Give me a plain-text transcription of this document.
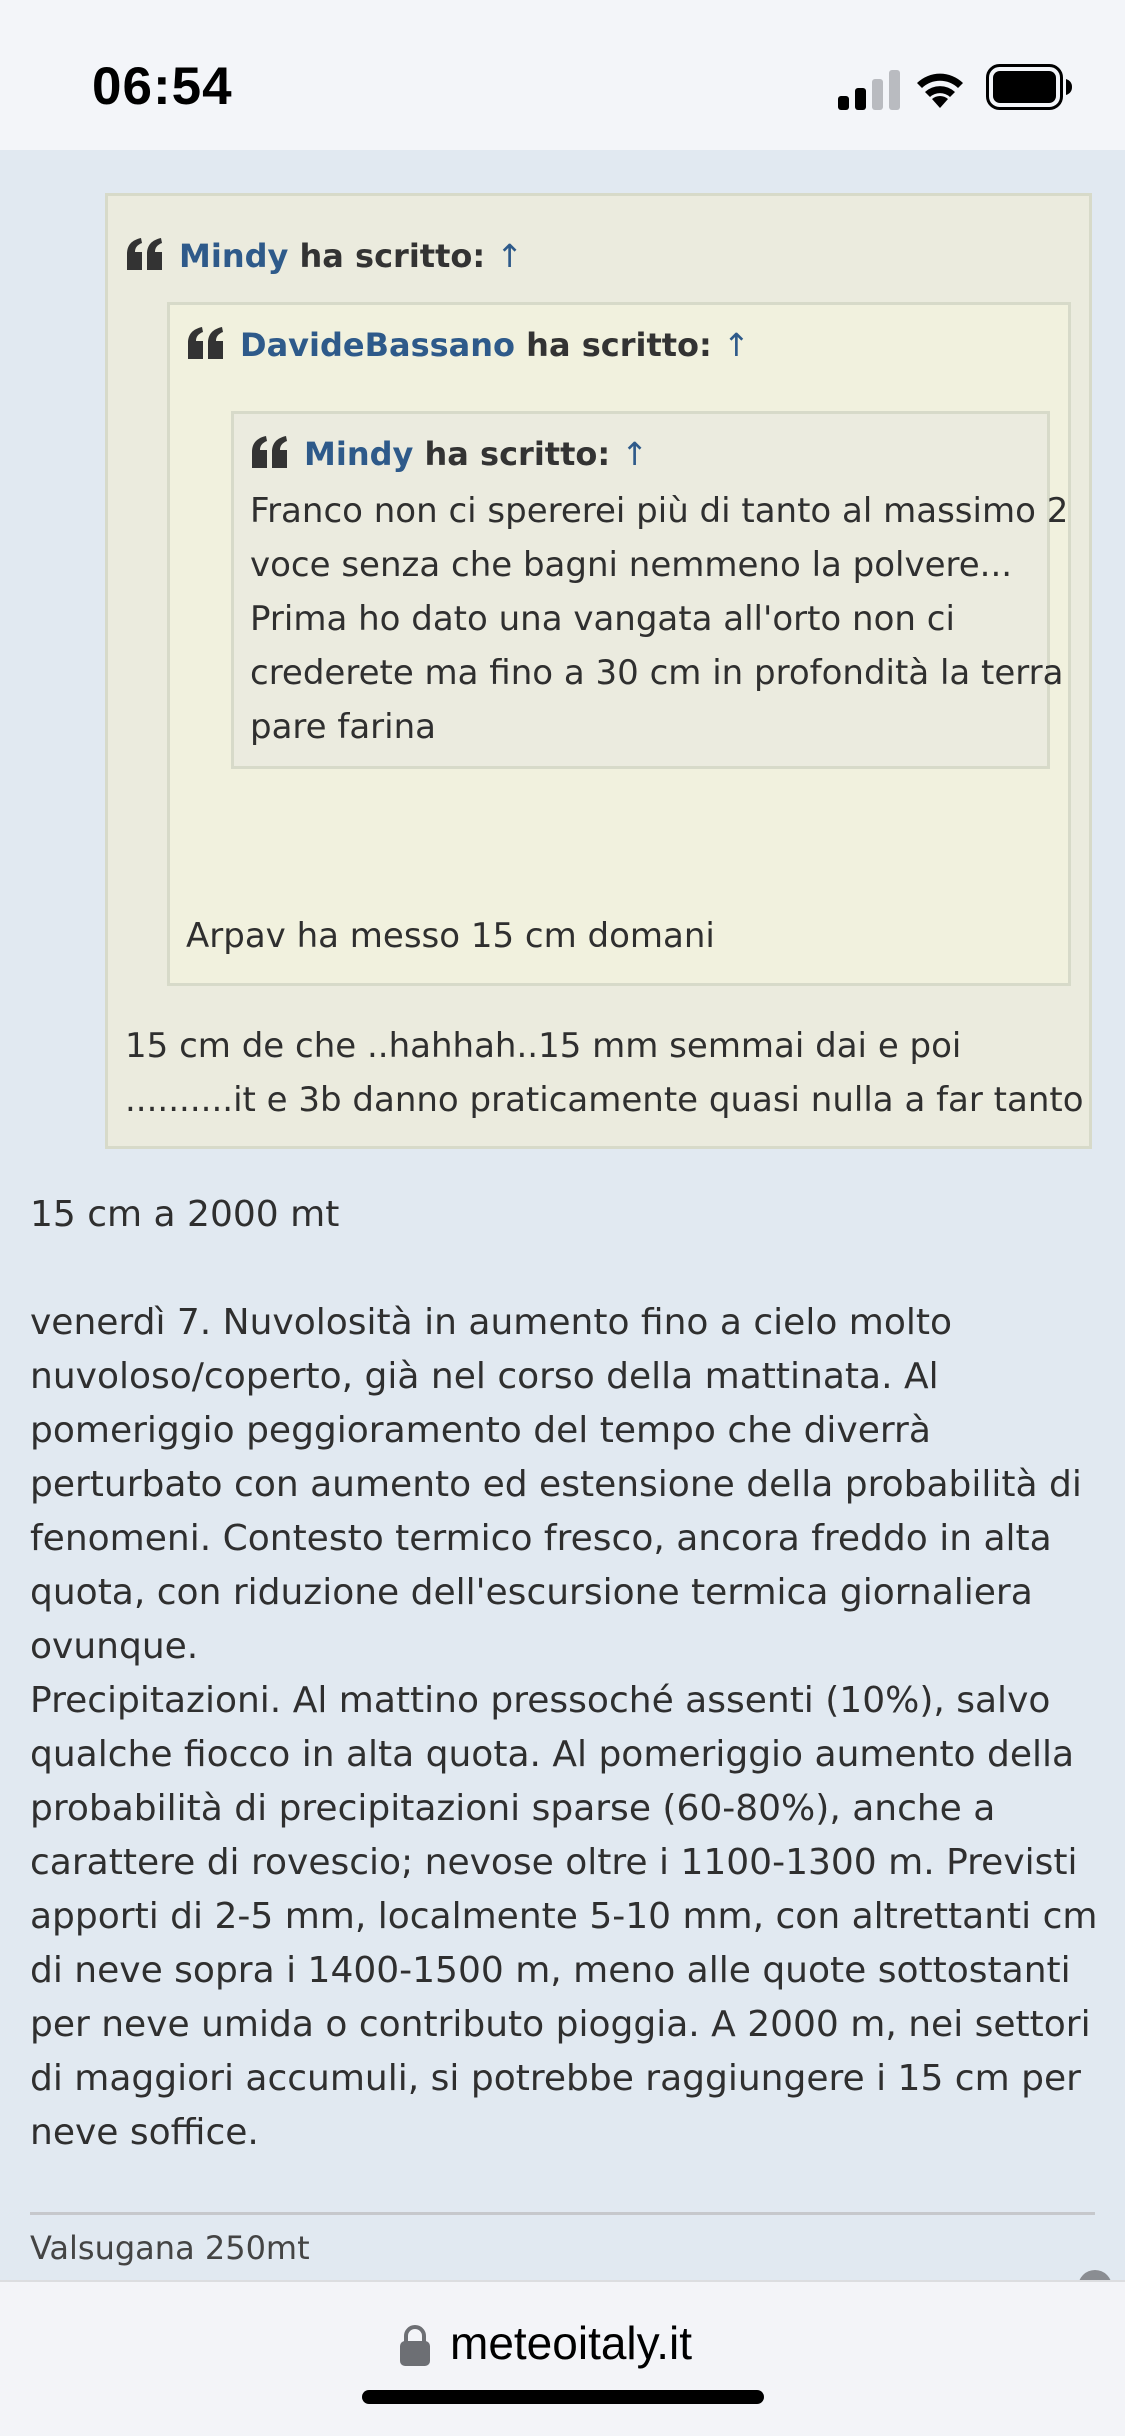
06:54
Mindy ha scritto: ↑
15 cm de che ..hahhah..15 mm semmai dai e poi
..........it e 3b danno praticamente quasi nulla a far tanto
DavideBassano ha scritto: ↑
Arpav ha messo 15 cm domani
Mindy ha scritto: ↑
Franco non ci spererei più di tanto al massimo 2
voce senza che bagni nemmeno la polvere...
Prima ho dato una vangata all'orto non ci
crederete ma fino a 30 cm in profondità la terra
pare farina
15 cm a 2000 mt
venerdì 7. Nuvolosità in aumento fino a cielo molto
nuvoloso/coperto, già nel corso della mattinata. Al
pomeriggio peggioramento del tempo che diverrà
perturbato con aumento ed estensione della probabilità di
fenomeni. Contesto termico fresco, ancora freddo in alta
quota, con riduzione dell'escursione termica giornaliera
ovunque.
Precipitazioni. Al mattino pressoché assenti (10%), salvo
qualche fiocco in alta quota. Al pomeriggio aumento della
probabilità di precipitazioni sparse (60-80%), anche a
carattere di rovescio; nevose oltre i 1100-1300 m. Previsti
apporti di 2-5 mm, localmente 5-10 mm, con altrettanti cm
di neve sopra i 1400-1500 m, meno alle quote sottostanti
per neve umida o contributo pioggia. A 2000 m, nei settori
di maggiori accumuli, si potrebbe raggiungere i 15 cm per
neve soffice.
Valsugana 250mt
meteoitaly.it
